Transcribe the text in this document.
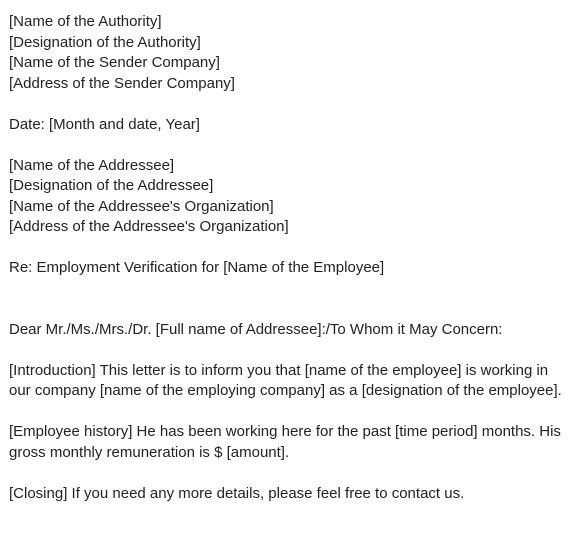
[Name of the Authority]
[Designation of the Authority]
[Name of the Sender Company]
[Address of the Sender Company]
Date: [Month and date, Year]
[Name of the Addressee]
[Designation of the Addressee]
[Name of the Addressee's Organization]
[Address of the Addressee's Organization]
Re: Employment Verification for [Name of the Employee]
Dear Mr./Ms./Mrs./Dr. [Full name of Addressee]:/To Whom it May Concern:
[Introduction] This letter is to inform you that [name of the employee] is working in our company [name of the employing company] as a [designation of the employee].
[Employee history] He has been working here for the past [time period] months. His gross monthly remuneration is $ [amount].
[Closing] If you need any more details, please feel free to contact us.
